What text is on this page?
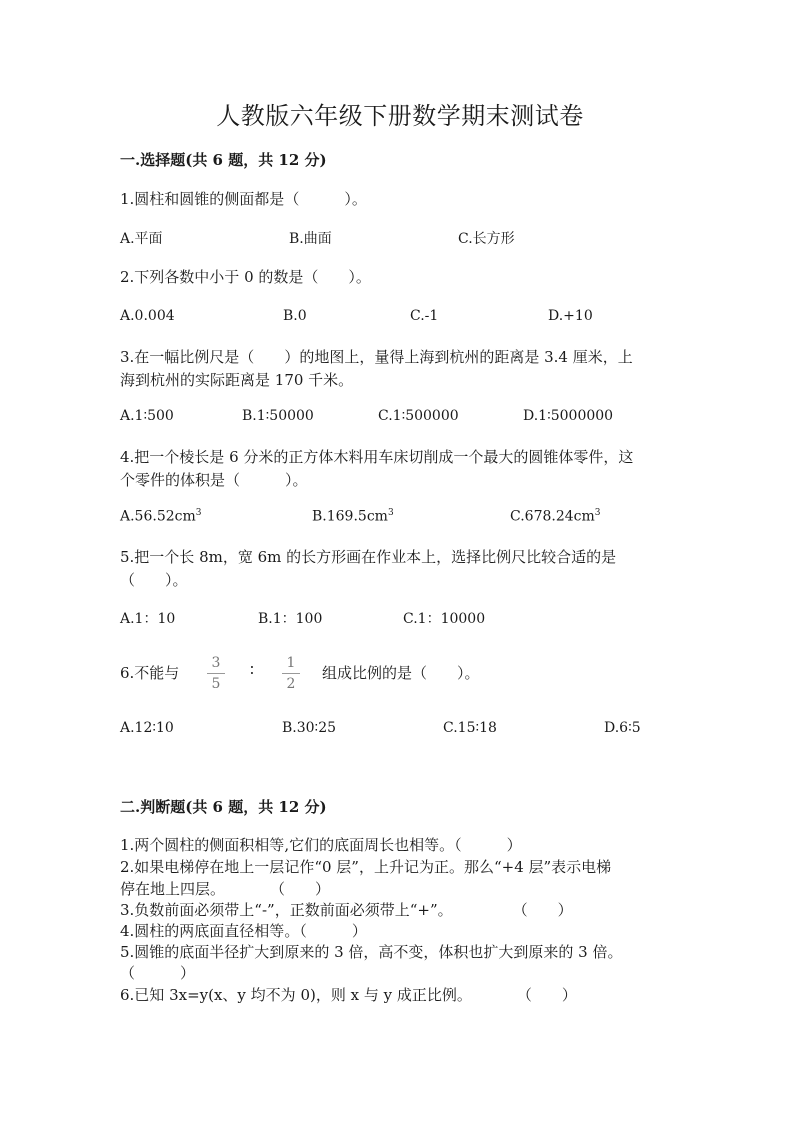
人教版六年级下册数学期末测试卷
一.选择题(共 6 题，共 12 分)
1.圆柱和圆锥的侧面都是（　　　）。
A.平面	B.曲面	C.长方形
2.下列各数中小于 0 的数是（　　）。
A.0.004	B.0	C.-1	D.+10
3.在一幅比例尺是（　　）的地图上，量得上海到杭州的距离是 3.4 厘米，上
海到杭州的实际距离是 170 千米。
A.1∶500	B.1∶50000	C.1∶500000	D.1∶5000000
4.把一个棱长是 6 分米的正方体木料用车床切削成一个最大的圆锥体零件，这
个零件的体积是（　　　）。
$A.56.52cm^3$	$B.169.5cm^3$	$C.678.24cm^3$
5.把一个长 8m，宽 6m 的长方形画在作业本上，选择比例尺比较合适的是
（　　）。
A.1：10	B.1：100	C.1：10000
6.不能与
3
5
∶	1
2
组成比例的是（　　）。
A.12∶10	B.30∶25	C.15∶18	D.6∶5
二.判断题(共 6 题，共 12 分)
1.两个圆柱的侧面积相等,它们的底面周长也相等。（　　　）
2.如果电梯停在地上一层记作“0 层”，上升记为正。那么“+4 层”表示电梯
停在地上四层。　　　　（　　）
3.负数前面必须带上“-”，正数前面必须带上“+”。　　　　　（　　）
4.圆柱的两底面直径相等。（　　　）
5.圆锥的底面半径扩大到原来的 3 倍，高不变，体积也扩大到原来的 3 倍。
（　　　）
6.已知 3x=y(x、y 均不为 0)，则 x 与 y 成正比例。　　　　（　　）
